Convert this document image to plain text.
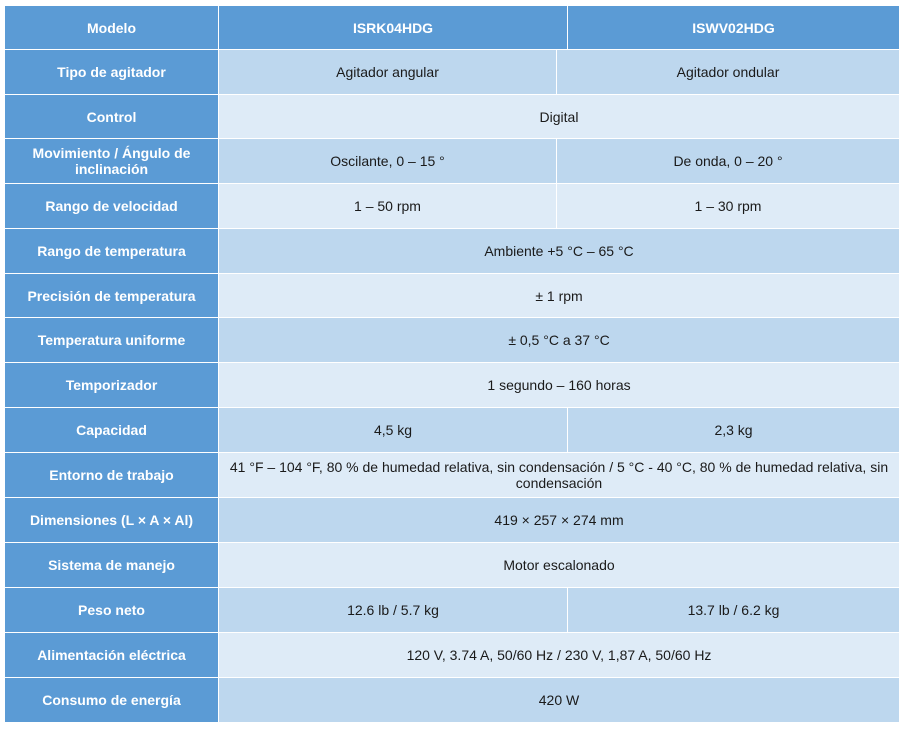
Modelo	ISRK04HDG		ISWV02HDG
Tipo de agitador	Agitador angular	Agitador ondular	
Control	Digital		
Movimiento / Ángulo de inclinación	Oscilante, 0 – 15 °	De onda, 0 – 20 °	
Rango de velocidad	1 – 50 rpm	1 – 30 rpm	
Rango de temperatura	Ambiente +5 °C – 65 °C		
Precisión de temperatura	± 1 rpm		
Temperatura uniforme	± 0,5 °C a 37 °C		
Temporizador	1 segundo – 160 horas		
Capacidad	4,5 kg		2,3 kg
Entorno de trabajo	41 °F – 104 °F, 80 % de humedad relativa, sin condensación / 5 °C - 40 °C, 80 % de humedad relativa, sin condensación		
Dimensiones (L × A × Al)	419 × 257 × 274 mm		
Sistema de manejo	Motor escalonado		
Peso neto	12.6 lb / 5.7 kg		13.7 lb / 6.2 kg
Alimentación eléctrica	120 V, 3.74 A, 50/60 Hz / 230 V, 1,87 A, 50/60 Hz		
Consumo de energía	420 W		
